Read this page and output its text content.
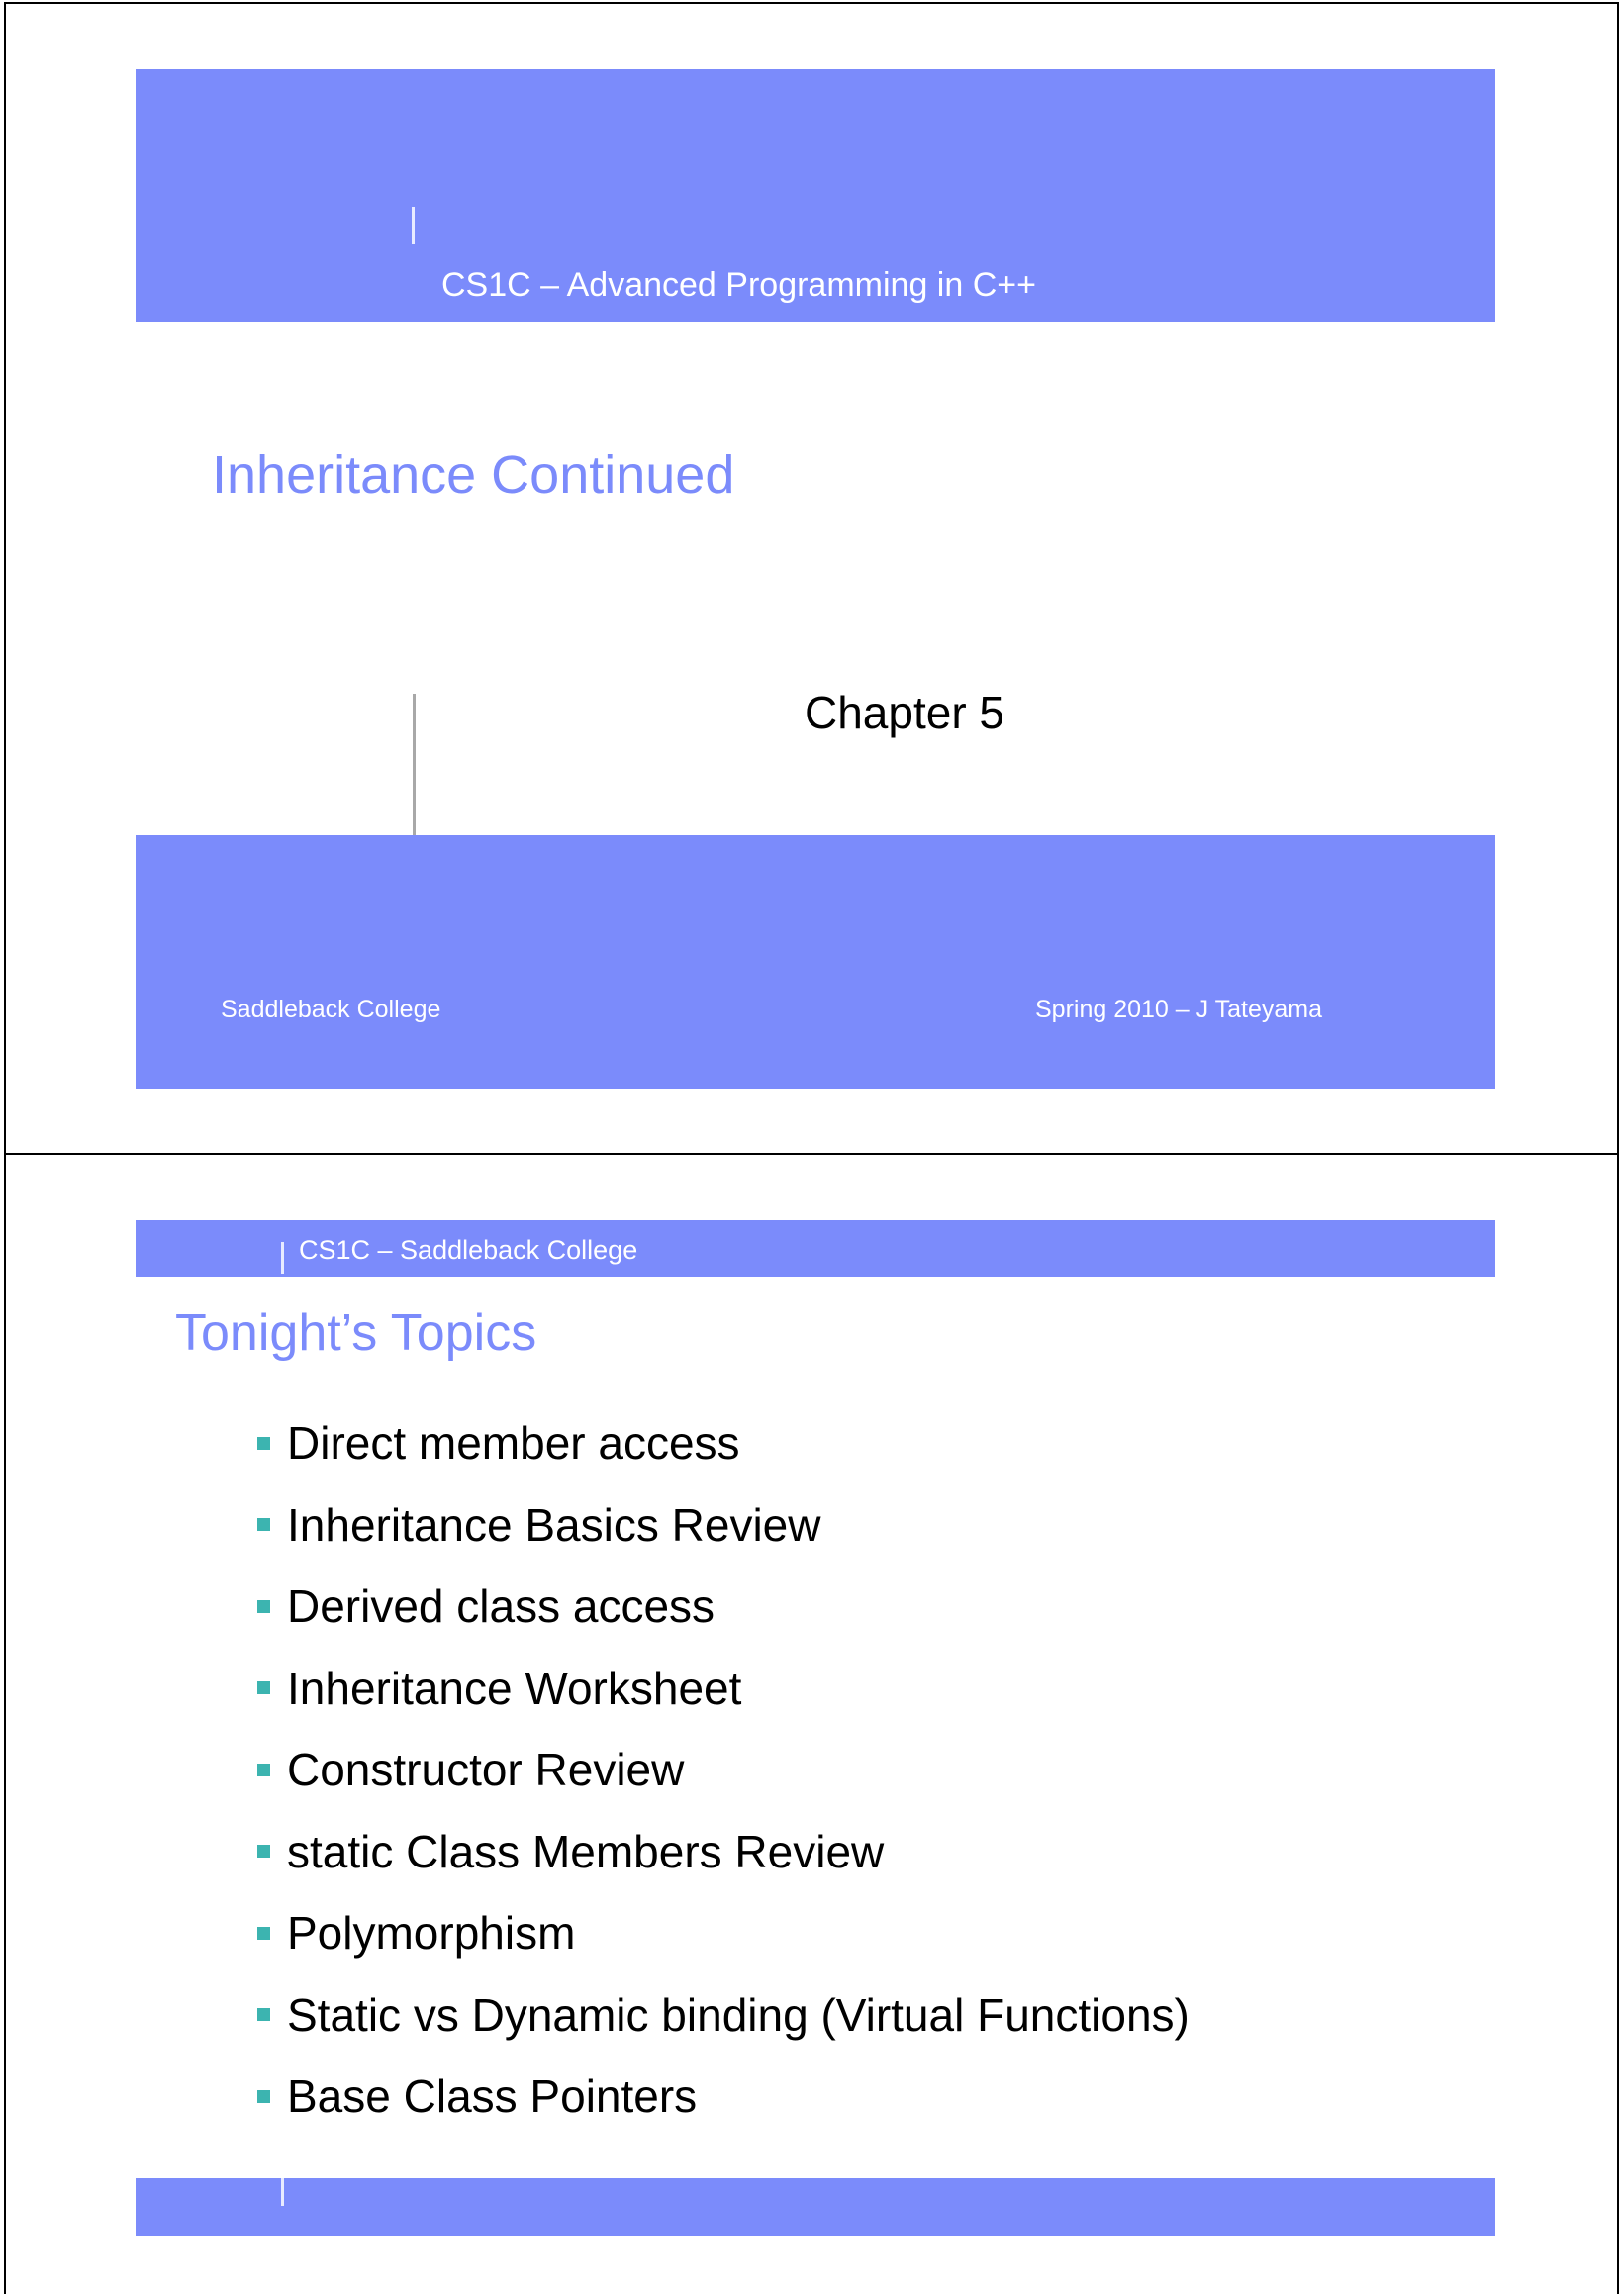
CS1C – Advanced Programming in C++
Inheritance Continued
Chapter 5
Saddleback College	Spring 2010 – J Tateyama
CS1C – Saddleback College
Tonight’s Topics
Direct member access
Inheritance Basics Review
Derived class access
Inheritance Worksheet
Constructor Review
static Class Members Review
Polymorphism
Static vs Dynamic binding (Virtual Functions)
Base Class Pointers
